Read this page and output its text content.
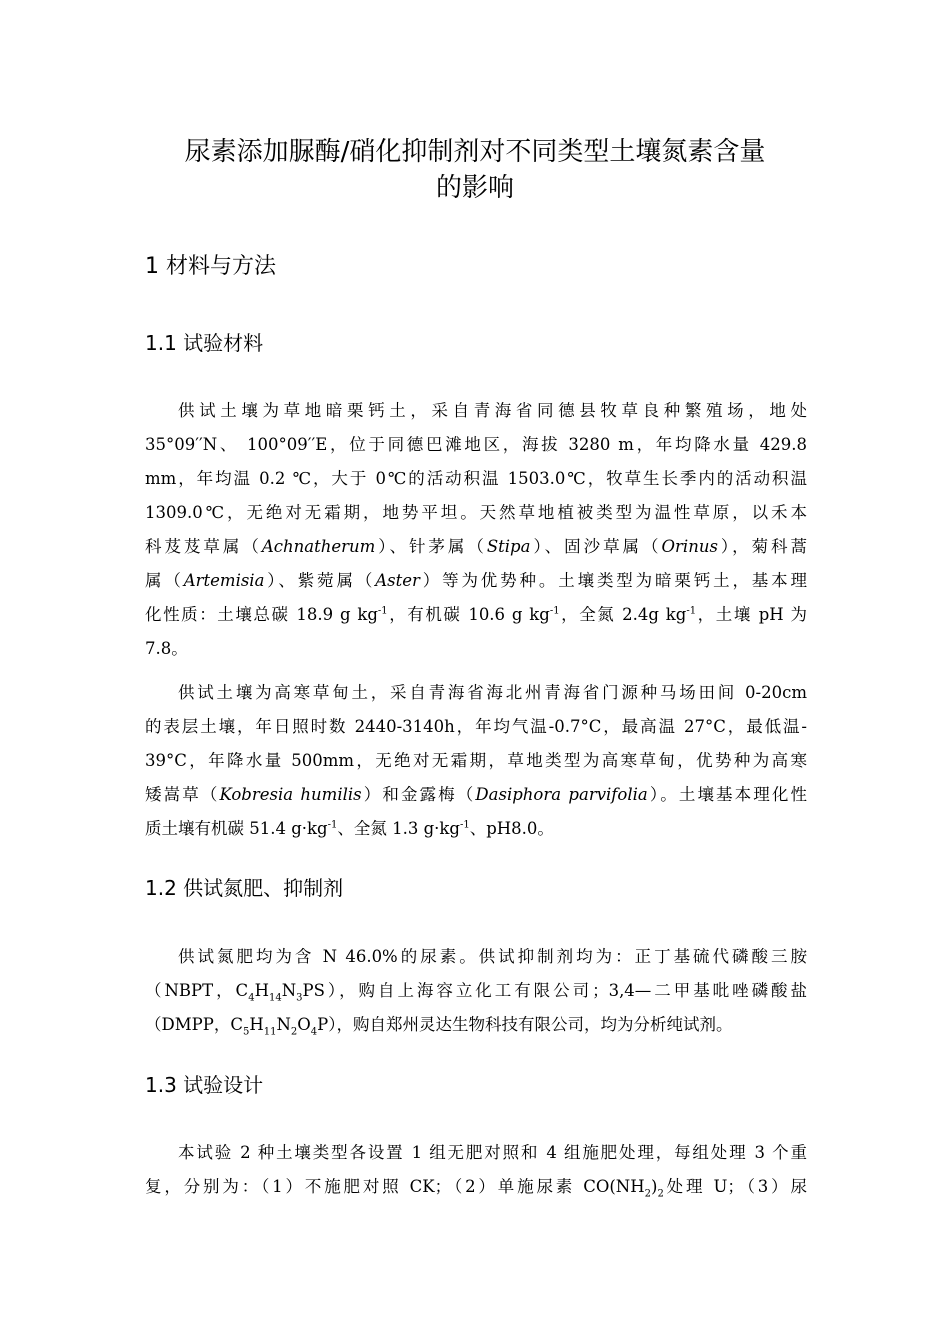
尿素添加脲酶/硝化抑制剂对不同类型土壤氮素含量
的影响
1 材料与方法
1.1 试验材料
供试土壤为草地暗栗钙土，采自青海省同德县牧草良种繁殖场，地处
35°09′′N、 100°09′′E，位于同德巴滩地区，海拔 3280 m，年均降水量 429.8
mm，年均温 0.2 ℃，大于 0℃的活动积温 1503.0℃，牧草生长季内的活动积温
1309.0℃，无绝对无霜期，地势平坦。天然草地植被类型为温性草原，以禾本
科芨芨草属（Achnatherum）、针茅属（Stipa）、固沙草属（Orinus），菊科蒿
属（Artemisia）、紫菀属（Aster）等为优势种。土壤类型为暗栗钙土，基本理
化性质：土壤总碳 18.9 g $kg^{-1}$，有机碳 10.6 g $kg^{-1}$，全氮 2.4g $kg^{-1}$，土壤 pH 为
7.8。
供试土壤为高寒草甸土，采自青海省海北州青海省门源种马场田间 0-20cm
的表层土壤，年日照时数 2440-3140h，年均气温-0.7°C，最高温 27°C，最低温-
39°C，年降水量 500mm，无绝对无霜期，草地类型为高寒草甸，优势种为高寒
矮嵩草（Kobresia humilis）和金露梅（Dasiphora parvifolia）。土壤基本理化性
质土壤有机碳 51.4 $g\cdot kg^{-1}$、全氮 1.3 $g\cdot kg^{-1}$、pH8.0。
1.2 供试氮肥、抑制剂
供试氮肥均为含 N 46.0%的尿素。供试抑制剂均为：正丁基硫代磷酸三胺
（NBPT，$C_4H_{14}N_3PS$），购自上海容立化工有限公司；3,4—二甲基吡唑磷酸盐
（DMPP，$C_5H_{11}N_2O_4P$），购自郑州灵达生物科技有限公司，均为分析纯试剂。
1.3 试验设计
本试验 2 种土壤类型各设置 1 组无肥对照和 4 组施肥处理，每组处理 3 个重
复，分别为：（1）不施肥对照 CK；（2）单施尿素 $CO(NH_2)_2$处理 U；（3）尿
